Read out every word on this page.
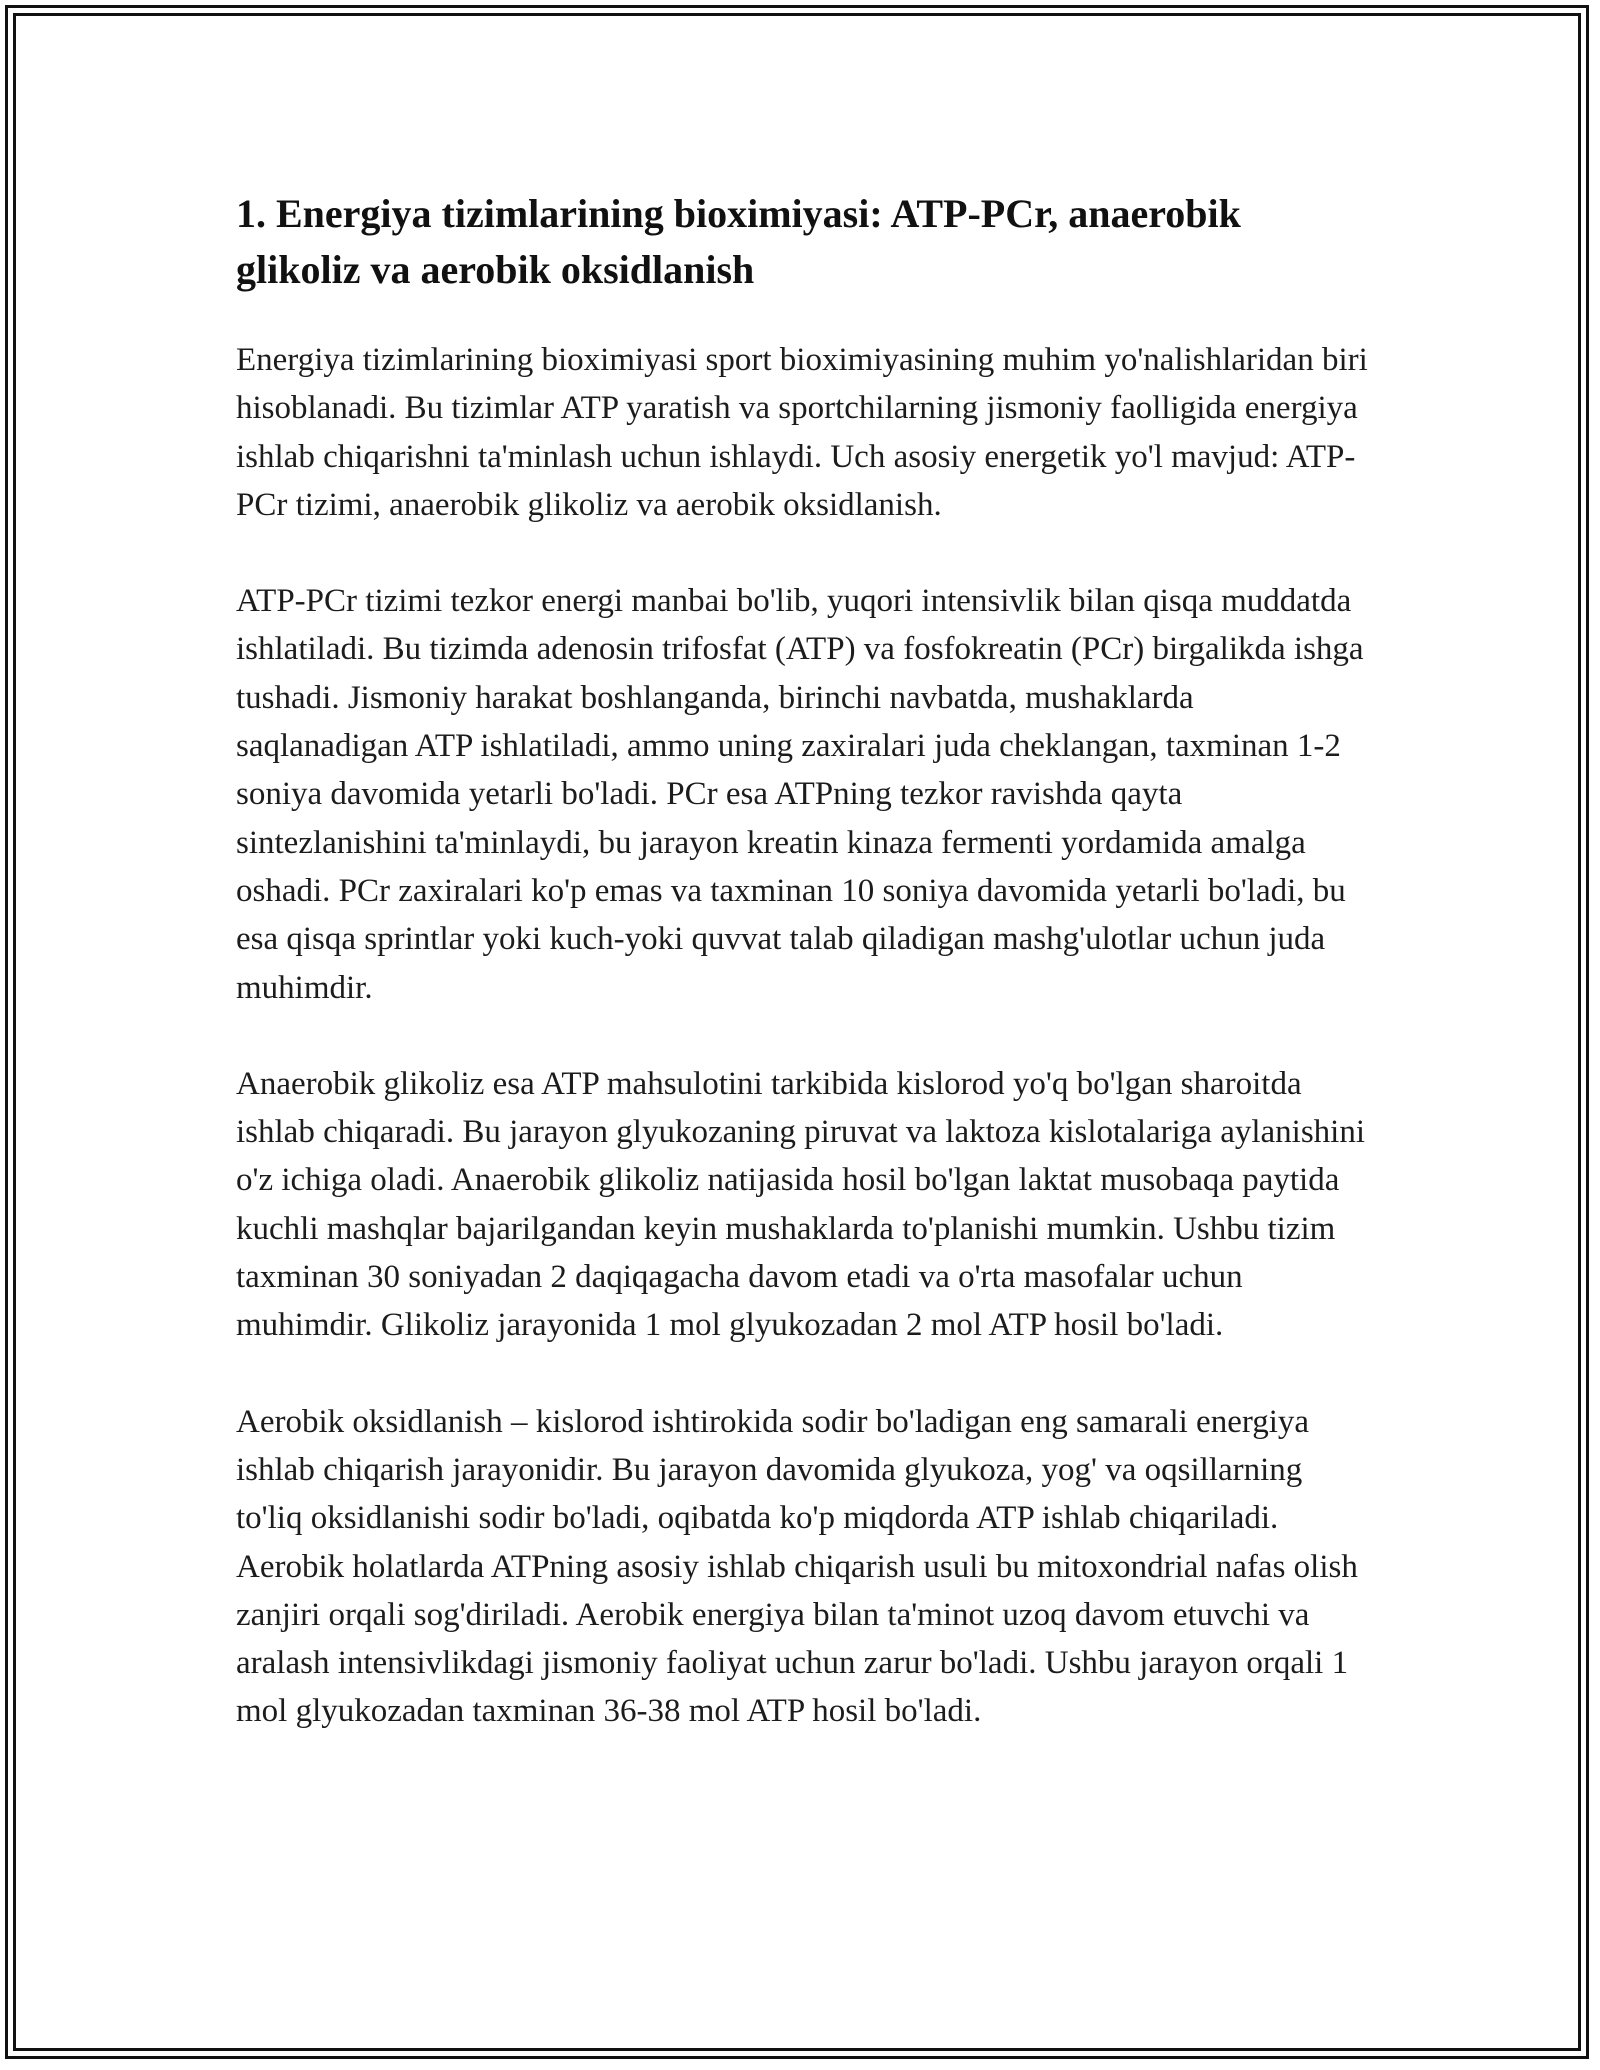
1. Energiya tizimlarining bioximiyasi: ATP-PCr, anaerobik glikoliz va aerobik oksidlanish

Energiya tizimlarining bioximiyasi sport bioximiyasining muhim yo'nalishlaridan biri hisoblanadi. Bu tizimlar ATP yaratish va sportchilarning jismoniy faolligida energiya ishlab chiqarishni ta'minlash uchun ishlaydi. Uch asosiy energetik yo'l mavjud: ATP-PCr tizimi, anaerobik glikoliz va aerobik oksidlanish.

ATP-PCr tizimi tezkor energi manbai bo'lib, yuqori intensivlik bilan qisqa muddatda ishlatiladi. Bu tizimda adenosin trifosfat (ATP) va fosfokreatin (PCr) birgalikda ishga tushadi. Jismoniy harakat boshlanganda, birinchi navbatda, mushaklarda saqlanadigan ATP ishlatiladi, ammo uning zaxiralari juda cheklangan, taxminan 1-2 soniya davomida yetarli bo'ladi. PCr esa ATPning tezkor ravishda qayta sintezlanishini ta'minlaydi, bu jarayon kreatin kinaza fermenti yordamida amalga oshadi. PCr zaxiralari ko'p emas va taxminan 10 soniya davomida yetarli bo'ladi, bu esa qisqa sprintlar yoki kuch-yoki quvvat talab qiladigan mashg'ulotlar uchun juda muhimdir.

Anaerobik glikoliz esa ATP mahsulotini tarkibida kislorod yo'q bo'lgan sharoitda ishlab chiqaradi. Bu jarayon glyukozaning piruvat va laktoza kislotalariga aylanishini o'z ichiga oladi. Anaerobik glikoliz natijasida hosil bo'lgan laktat musobaqa paytida kuchli mashqlar bajarilgandan keyin mushaklarda to'planishi mumkin. Ushbu tizim taxminan 30 soniyadan 2 daqiqagacha davom etadi va o'rta masofalar uchun muhimdir. Glikoliz jarayonida 1 mol glyukozadan 2 mol ATP hosil bo'ladi.

Aerobik oksidlanish – kislorod ishtirokida sodir bo'ladigan eng samarali energiya ishlab chiqarish jarayonidir. Bu jarayon davomida glyukoza, yog' va oqsillarning to'liq oksidlanishi sodir bo'ladi, oqibatda ko'p miqdorda ATP ishlab chiqariladi. Aerobik holatlarda ATPning asosiy ishlab chiqarish usuli bu mitoxondrial nafas olish zanjiri orqali sog'diriladi. Aerobik energiya bilan ta'minot uzoq davom etuvchi va aralash intensivlikdagi jismoniy faoliyat uchun zarur bo'ladi. Ushbu jarayon orqali 1 mol glyukozadan taxminan 36-38 mol ATP hosil bo'ladi.
